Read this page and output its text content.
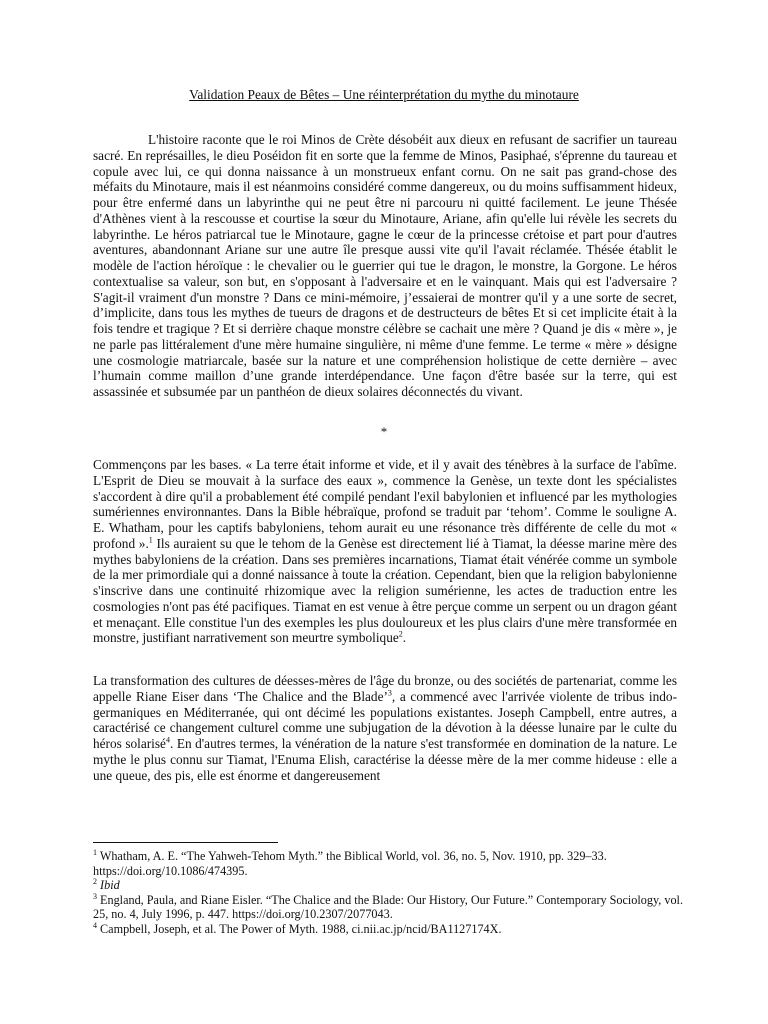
Validation Peaux de Bêtes – Une réinterprétation du mythe du minotaure

L'histoire raconte que le roi Minos de Crète désobéit aux dieux en refusant de sacrifier un taureau sacré. En représailles, le dieu Poséidon fit en sorte que la femme de Minos, Pasiphaé, s'éprenne du taureau et copule avec lui, ce qui donna naissance à un monstrueux enfant cornu. On ne sait pas grand-chose des méfaits du Minotaure, mais il est néanmoins considéré comme dangereux, ou du moins suffisamment hideux, pour être enfermé dans un labyrinthe qui ne peut être ni parcouru ni quitté facilement. Le jeune Thésée d'Athènes vient à la rescousse et courtise la sœur du Minotaure, Ariane, afin qu'elle lui révèle les secrets du labyrinthe. Le héros patriarcal tue le Minotaure, gagne le cœur de la princesse crétoise et part pour d'autres aventures, abandonnant Ariane sur une autre île presque aussi vite qu'il l'avait réclamée. Thésée établit le modèle de l'action héroïque : le chevalier ou le guerrier qui tue le dragon, le monstre, la Gorgone. Le héros contextualise sa valeur, son but, en s'opposant à l'adversaire et en le vainquant. Mais qui est l'adversaire ? S'agit-il vraiment d'un monstre ? Dans ce mini-mémoire, j’essaierai de montrer qu'il y a une sorte de secret, d’implicite, dans tous les mythes de tueurs de dragons et de destructeurs de bêtes Et si cet implicite était à la fois tendre et tragique ? Et si derrière chaque monstre célèbre se cachait une mère ? Quand je dis « mère », je ne parle pas littéralement d'une mère humaine singulière, ni même d'une femme. Le terme « mère » désigne une cosmologie matriarcale, basée sur la nature et une compréhension holistique de cette dernière – avec l’humain comme maillon d’une grande interdépendance. Une façon d'être basée sur la terre, qui est assassinée et subsumée par un panthéon de dieux solaires déconnectés du vivant.

*

Commençons par les bases. « La terre était informe et vide, et il y avait des ténèbres à la surface de l'abîme. L'Esprit de Dieu se mouvait à la surface des eaux », commence la Genèse, un texte dont les spécialistes s'accordent à dire qu'il a probablement été compilé pendant l'exil babylonien et influencé par les mythologies sumériennes environnantes. Dans la Bible hébraïque, profond se traduit par ‘tehom’. Comme le souligne A. E. Whatham, pour les captifs babyloniens, tehom aurait eu une résonance très différente de celle du mot « profond ».$^1$ Ils auraient su que le tehom de la Genèse est directement lié à Tiamat, la déesse marine mère des mythes babyloniens de la création. Dans ses premières incarnations, Tiamat était vénérée comme un symbole de la mer primordiale qui a donné naissance à toute la création. Cependant, bien que la religion babylonienne s'inscrive dans une continuité rhizomique avec la religion sumérienne, les actes de traduction entre les cosmologies n'ont pas été pacifiques. Tiamat en est venue à être perçue comme un serpent ou un dragon géant et menaçant. Elle constitue l'un des exemples les plus douloureux et les plus clairs d'une mère transformée en monstre, justifiant narrativement son meurtre symbolique$^2$.

La transformation des cultures de déesses-mères de l'âge du bronze, ou des sociétés de partenariat, comme les appelle Riane Eiser dans ‘The Chalice and the Blade’$^3$, a commencé avec l'arrivée violente de tribus indo-germaniques en Méditerranée, qui ont décimé les populations existantes. Joseph Campbell, entre autres, a caractérisé ce changement culturel comme une subjugation de la dévotion à la déesse lunaire par le culte du héros solarisé$^4$. En d'autres termes, la vénération de la nature s'est transformée en domination de la nature. Le mythe le plus connu sur Tiamat, l'Enuma Elish, caractérise la déesse mère de la mer comme hideuse : elle a une queue, des pis, elle est énorme et dangereusement

$^1$ Whatham, A. E. “The Yahweh-Tehom Myth.” the Biblical World, vol. 36, no. 5, Nov. 1910, pp. 329–33. https://doi.org/10.1086/474395.
$^2$ Ibid
$^3$ England, Paula, and Riane Eisler. “The Chalice and the Blade: Our History, Our Future.” Contemporary Sociology, vol. 25, no. 4, July 1996, p. 447. https://doi.org/10.2307/2077043.
$^4$ Campbell, Joseph, et al. The Power of Myth. 1988, ci.nii.ac.jp/ncid/BA1127174X.
